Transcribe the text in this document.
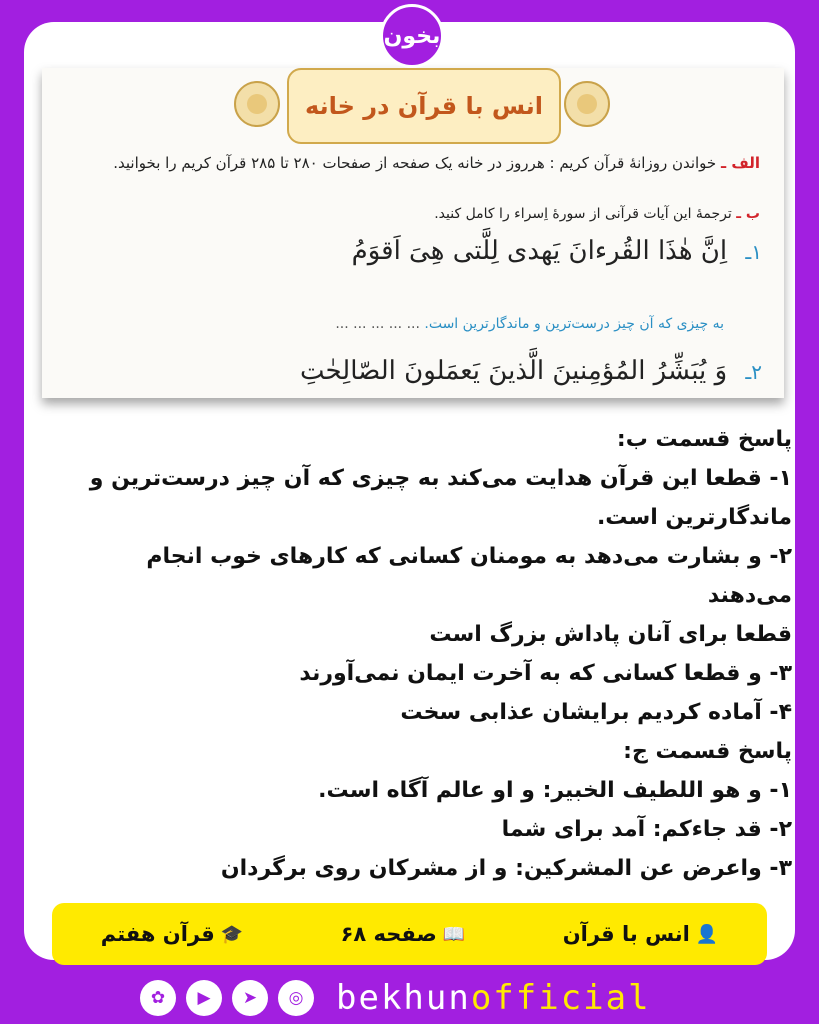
بخون
انس با قرآن در خانه
الف ـ خواندن روزانهٔ قرآن کریم : هرروز در خانه یک صفحه از صفحات ۲۸۰ تا ۲۸۵ قرآن کریم را بخوانید.
ب ـ ترجمهٔ این آیات قرآنی از سورهٔ اِسراء را کامل کنید.
۱ـ اِنَّ هٰذَا القُرءانَ یَهدی لِلَّتی هِیَ اَقوَمُ
به چیزی که آن چیز درست‌ترین و ماندگارترین است. ... ... ... ... ...
۲ـ وَ یُبَشِّرُ المُؤمِنینَ الَّذینَ یَعمَلونَ الصّالِحٰتِ
پاسخ قسمت ب:
۱- قطعا این قرآن هدایت می‌کند به چیزی که آن چیز درست‌ترین و
ماندگارترین است.
۲- و بشارت می‌دهد به مومنان کسانی که کارهای خوب انجام
می‌دهند
قطعا برای آنان پاداش بزرگ است
۳- و قطعا کسانی که به آخرت ایمان نمی‌آورند
۴- آماده کردیم برایشان عذابی سخت
پاسخ قسمت ج:
۱- و هو اللطیف الخبیر: و او عالم آگاه است.
۲- قد جاءکم: آمد برای شما
۳- واعرض عن المشرکین: و از مشرکان روی برگردان
👤
انس با قرآن
📖
صفحه ۶۸
🎓
قرآن هفتم
✿	▶	➤	◎ bekhunofficial
